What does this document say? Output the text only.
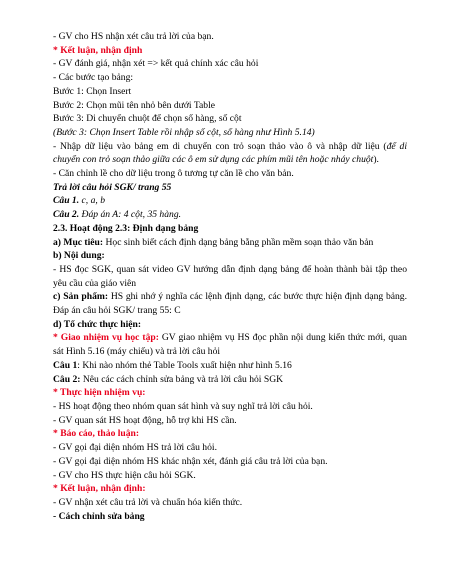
- GV cho HS nhận xét câu trả lời của bạn.
* Kết luận, nhận định
- GV đánh giá, nhận xét => kết quả chính xác câu hỏi
- Các bước tạo bảng:
Bước 1: Chọn Insert
Bước 2: Chọn mũi tên nhỏ bên dưới Table
Bước 3: Di chuyển chuột để chọn số hàng, số cột
(Bước 3: Chọn Insert Table rồi nhập số cột, số hàng như Hình 5.14)
- Nhập dữ liệu vào bảng em di chuyển con trỏ soạn thảo vào ô và nhập dữ liệu (để di chuyển con trỏ soạn thảo giữa các ô em sử dụng các phím mũi tên hoặc nháy chuột).
- Căn chỉnh lề cho dữ liệu trong ô tương tự căn lề cho văn bản.
Trả lời câu hỏi SGK/ trang 55
Câu 1. c, a, b
Câu 2. Đáp án A: 4 cột, 35 hàng.
2.3. Hoạt động 2.3: Định dạng bảng
a) Mục tiêu: Học sinh biết cách định dạng bảng bằng phần mềm soạn thảo văn bản
b) Nội dung:
- HS đọc SGK, quan sát video GV hướng dẫn định dạng bảng để hoàn thành bài tập theo yêu cầu của giáo viên
c) Sản phẩm: HS ghi nhớ ý nghĩa các lệnh định dạng, các bước thực hiện định dạng bảng. Đáp án câu hỏi SGK/ trang 55: C
d) Tổ chức thực hiện:
* Giao nhiệm vụ học tập: GV giao nhiệm vụ HS đọc phần nội dung kiến thức mới, quan sát Hình 5.16 (máy chiếu) và trả lời câu hỏi
Câu 1: Khi nào nhóm thẻ Table Tools xuất hiện như hình 5.16
Câu 2: Nêu các cách chỉnh sửa bảng và trả lời câu hỏi SGK
* Thực hiện nhiệm vụ:
- HS hoạt động theo nhóm quan sát hình và suy nghĩ trả lời câu hỏi.
- GV quan sát HS hoạt động, hỗ trợ khi HS cần.
* Báo cáo, thảo luận:
- GV gọi đại diện nhóm HS trả lời câu hỏi.
- GV gọi đại diện nhóm HS khác nhận xét, đánh giá câu trả lời của bạn.
- GV cho HS thực hiện câu hỏi SGK.
* Kết luận, nhận định:
- GV nhận xét câu trả lời và chuẩn hóa kiến thức.
- Cách chỉnh sửa bảng
